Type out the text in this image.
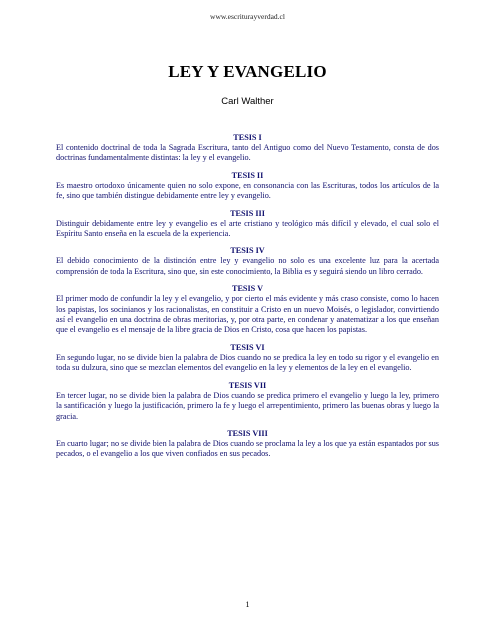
www.escriturayverdad.cl
LEY Y EVANGELIO
Carl Walther
TESIS I
El contenido doctrinal de toda la Sagrada Escritura, tanto del Antiguo como del Nuevo Testamento, consta de dos doctrinas fundamentalmente distintas: la ley y el evangelio.
TESIS II
Es maestro ortodoxo únicamente quien no solo expone, en consonancia con las Escrituras, todos los artículos de la fe, sino que también distingue debidamente entre ley y evangelio.
TESIS III
Distinguir debidamente entre ley y evangelio es el arte cristiano y teológico más difícil y elevado, el cual solo el Espíritu Santo enseña en la escuela de la experiencia.
TESIS IV
El debido conocimiento de la distinción entre ley y evangelio no solo es una excelente luz para la acertada comprensión de toda la Escritura, sino que, sin este conocimiento, la Biblia es y seguirá siendo un libro cerrado.
TESIS V
El primer modo de confundir la ley y el evangelio, y por cierto el más evidente y más craso consiste, como lo hacen los papistas, los socinianos y los racionalistas, en constituir a Cristo en un nuevo Moisés, o legislador, convirtiendo así el evangelio en una doctrina de obras meritorias, y, por otra parte, en condenar y anatematizar a los que enseñan que el evangelio es el mensaje de la libre gracia de Dios en Cristo, cosa que hacen los papistas.
TESIS VI
En segundo lugar, no se divide bien la palabra de Dios cuando no se predica la ley en todo su rigor y el evangelio en toda su dulzura, sino que se mezclan elementos del evangelio en la ley y elementos de la ley en el evangelio.
TESIS VII
En tercer lugar, no se divide bien la palabra de Dios cuando se predica primero el evangelio y luego la ley, primero la santificación y luego la justificación, primero la fe y luego el arrepentimiento, primero las buenas obras y luego la gracia.
TESIS VIII
En cuarto lugar; no se divide bien la palabra de Dios cuando se proclama la ley a los que ya están espantados por sus pecados, o el evangelio a los que viven confiados en sus pecados.
1
